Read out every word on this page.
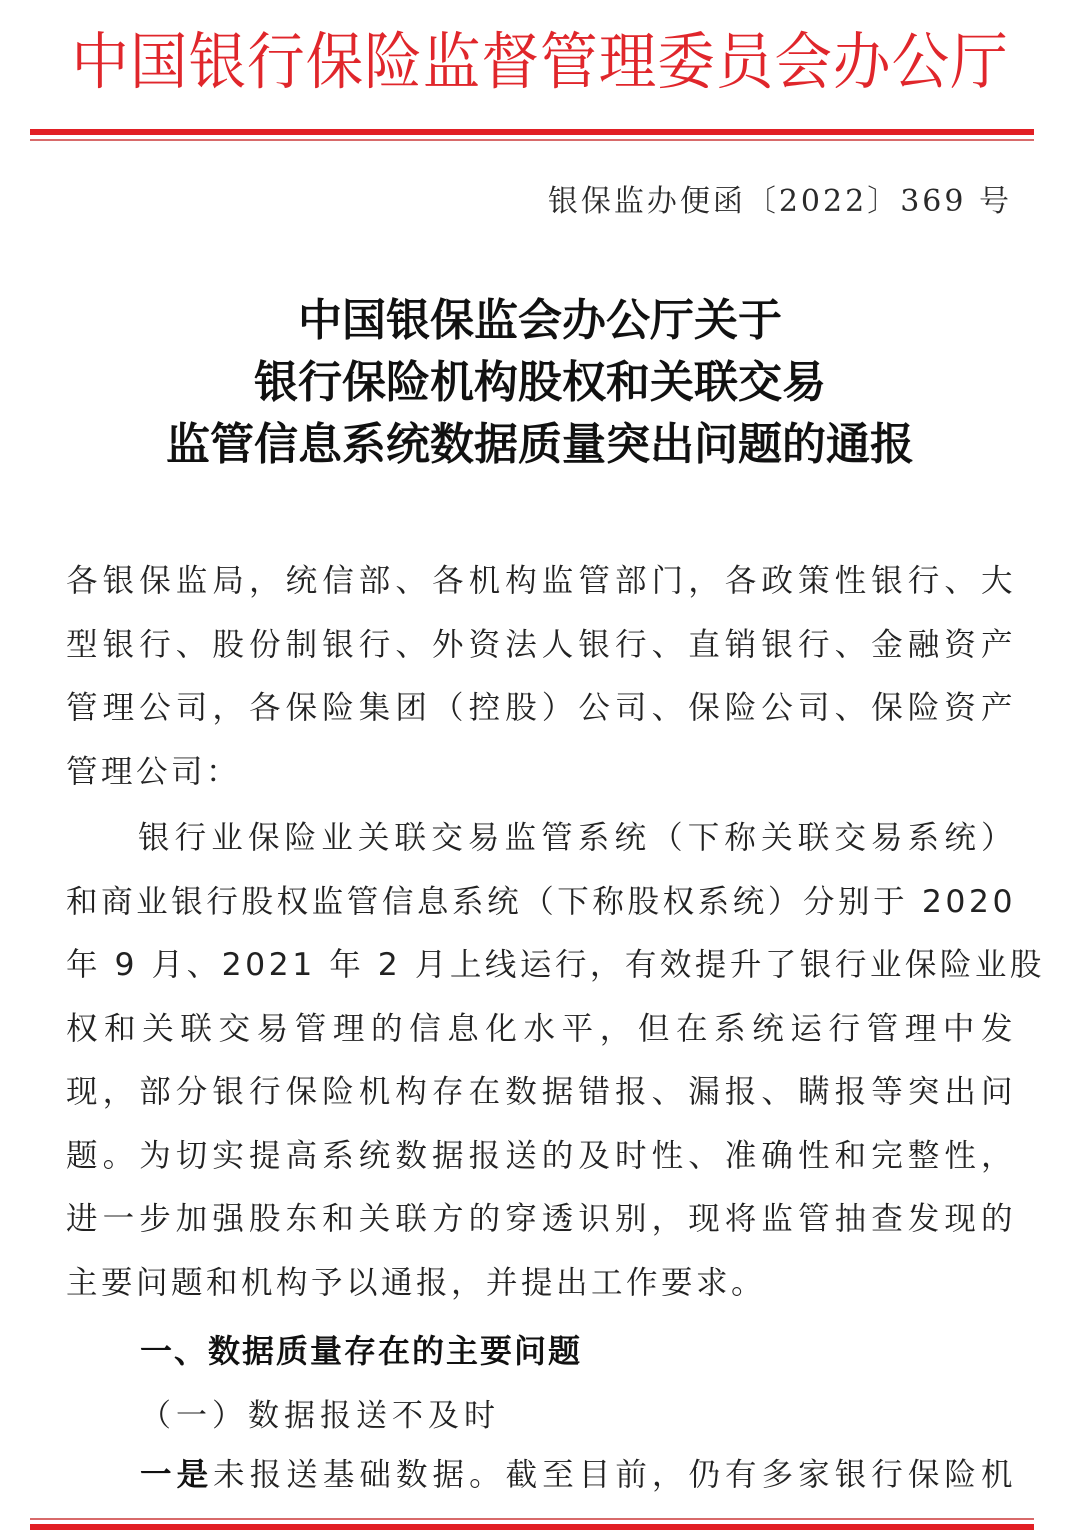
中国银行保险监督管理委员会办公厅
银保监办便函〔2022〕369 号
中国银保监会办公厅关于
银行保险机构股权和关联交易
监管信息系统数据质量突出问题的通报
各银保监局，统信部、各机构监管部门，各政策性银行、大
型银行、股份制银行、外资法人银行、直销银行、金融资产
管理公司，各保险集团（控股）公司、保险公司、保险资产
管理公司：
银行业保险业关联交易监管系统（下称关联交易系统）
和商业银行股权监管信息系统（下称股权系统）分别于 2020
年 9 月、2021 年 2 月上线运行，有效提升了银行业保险业股
权和关联交易管理的信息化水平，但在系统运行管理中发
现，部分银行保险机构存在数据错报、漏报、瞒报等突出问
题。为切实提高系统数据报送的及时性、准确性和完整性，
进一步加强股东和关联方的穿透识别，现将监管抽查发现的
主要问题和机构予以通报，并提出工作要求。
一、数据质量存在的主要问题
（一）数据报送不及时
一是未报送基础数据。截至目前，仍有多家银行保险机
